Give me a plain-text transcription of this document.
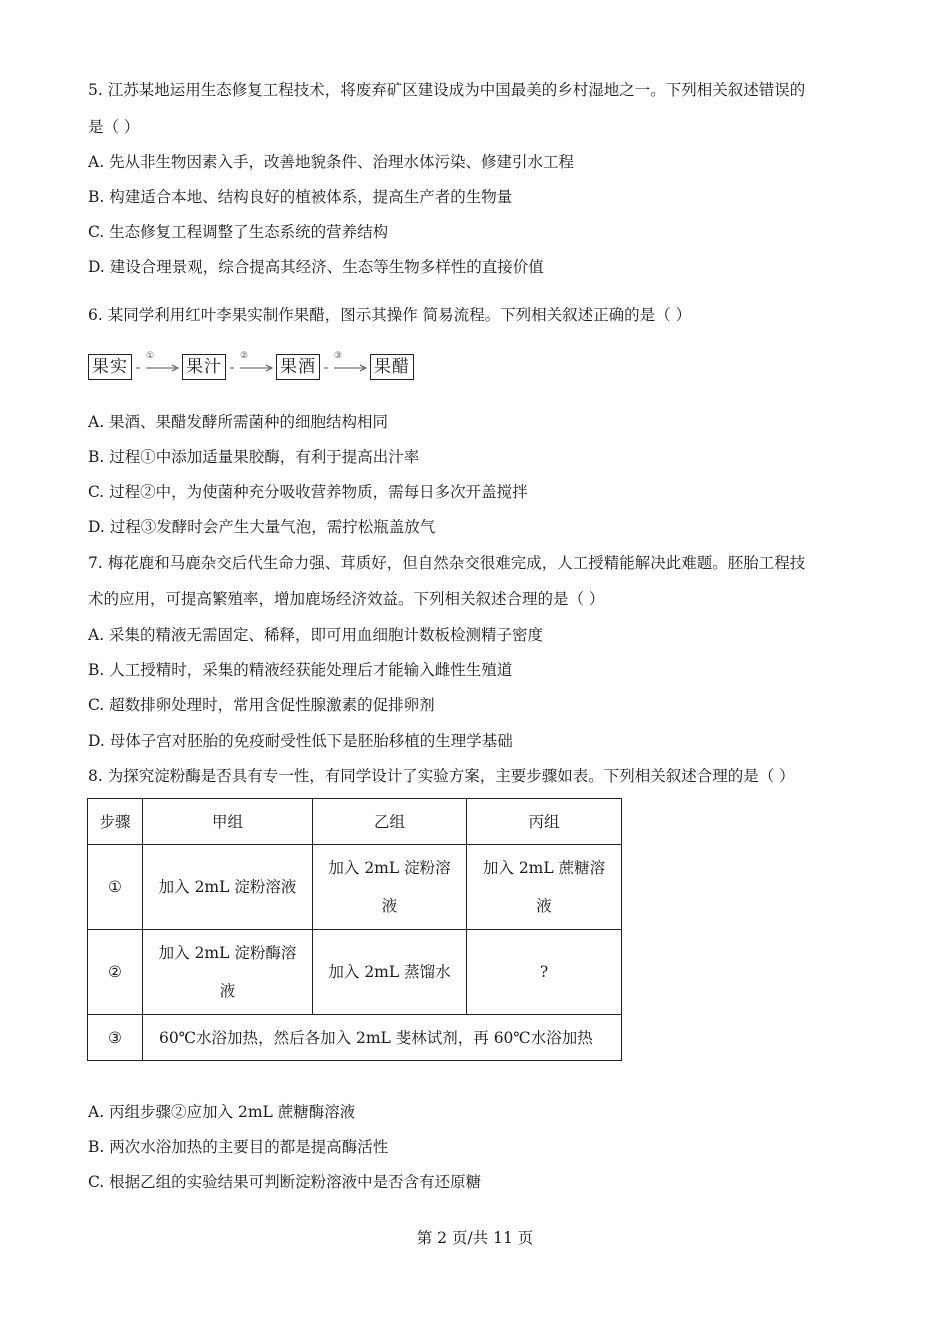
5. 江苏某地运用生态修复工程技术，将废弃矿区建设成为中国最美的乡村湿地之一。下列相关叙述错误的
是（ ）
A. 先从非生物因素入手，改善地貌条件、治理水体污染、修建引水工程
B. 构建适合本地、结构良好的植被体系，提高生产者的生物量
C. 生态修复工程调整了生态系统的营养结构
D. 建设合理景观，综合提高其经济、生态等生物多样性的直接价值
6. 某同学利用红叶李果实制作果醋，图示其操作 简易流程。下列相关叙述正确的是（ ）
果实
①
果汁
②
果酒
③
果醋
A. 果酒、果醋发酵所需菌种的细胞结构相同
B. 过程①中添加适量果胶酶，有利于提高出汁率
C. 过程②中，为使菌种充分吸收营养物质，需每日多次开盖搅拌
D. 过程③发酵时会产生大量气泡，需拧松瓶盖放气
7. 梅花鹿和马鹿杂交后代生命力强、茸质好，但自然杂交很难完成，人工授精能解决此难题。胚胎工程技
术的应用，可提高繁殖率，增加鹿场经济效益。下列相关叙述合理的是（ ）
A. 采集的精液无需固定、稀释，即可用血细胞计数板检测精子密度
B. 人工授精时，采集的精液经获能处理后才能输入雌性生殖道
C. 超数排卵处理时，常用含促性腺激素的促排卵剂
D. 母体子宫对胚胎的免疫耐受性低下是胚胎移植的生理学基础
8. 为探究淀粉酶是否具有专一性，有同学设计了实验方案，主要步骤如表。下列相关叙述合理的是（ ）
步骤	甲组	乙组	丙组
①	加入 2mL 淀粉溶液	加入 2mL 淀粉溶
液	加入 2mL 蔗糖溶
液
②	加入 2mL 淀粉酶溶
液	加入 2mL 蒸馏水	?
③	60℃水浴加热，然后各加入 2mL 斐林试剂，再 60℃水浴加热		
A. 丙组步骤②应加入 2mL 蔗糖酶溶液
B. 两次水浴加热的主要目的都是提高酶活性
C. 根据乙组的实验结果可判断淀粉溶液中是否含有还原糖
第 2 页/共 11 页
